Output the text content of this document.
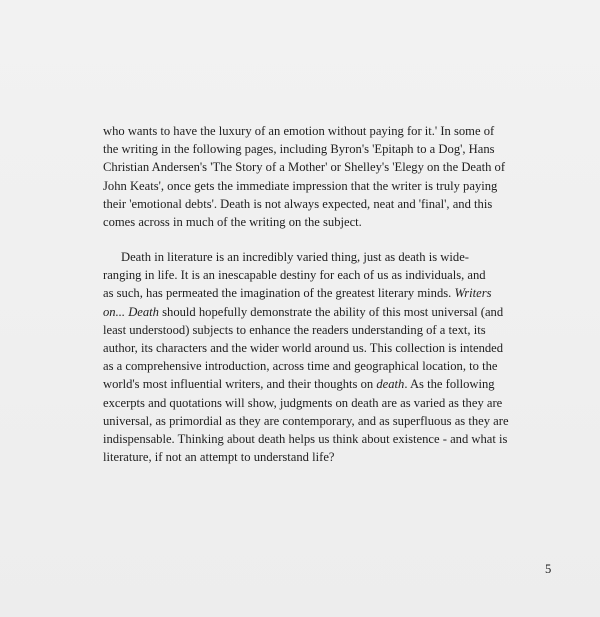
who wants to have the luxury of an emotion without paying for it.' In some of
the writing in the following pages, including Byron's 'Epitaph to a Dog', Hans
Christian Andersen's 'The Story of a Mother' or Shelley's 'Elegy on the Death of
John Keats', once gets the immediate impression that the writer is truly paying
their 'emotional debts'. Death is not always expected, neat and 'final', and this
comes across in much of the writing on the subject.

Death in literature is an incredibly varied thing, just as death is wide-
ranging in life. It is an inescapable destiny for each of us as individuals, and
as such, has permeated the imagination of the greatest literary minds. Writers
on... Death should hopefully demonstrate the ability of this most universal (and
least understood) subjects to enhance the readers understanding of a text, its
author, its characters and the wider world around us. This collection is intended
as a comprehensive introduction, across time and geographical location, to the
world's most influential writers, and their thoughts on death. As the following
excerpts and quotations will show, judgments on death are as varied as they are
universal, as primordial as they are contemporary, and as superfluous as they are
indispensable. Thinking about death helps us think about existence - and what is
literature, if not an attempt to understand life?

5
